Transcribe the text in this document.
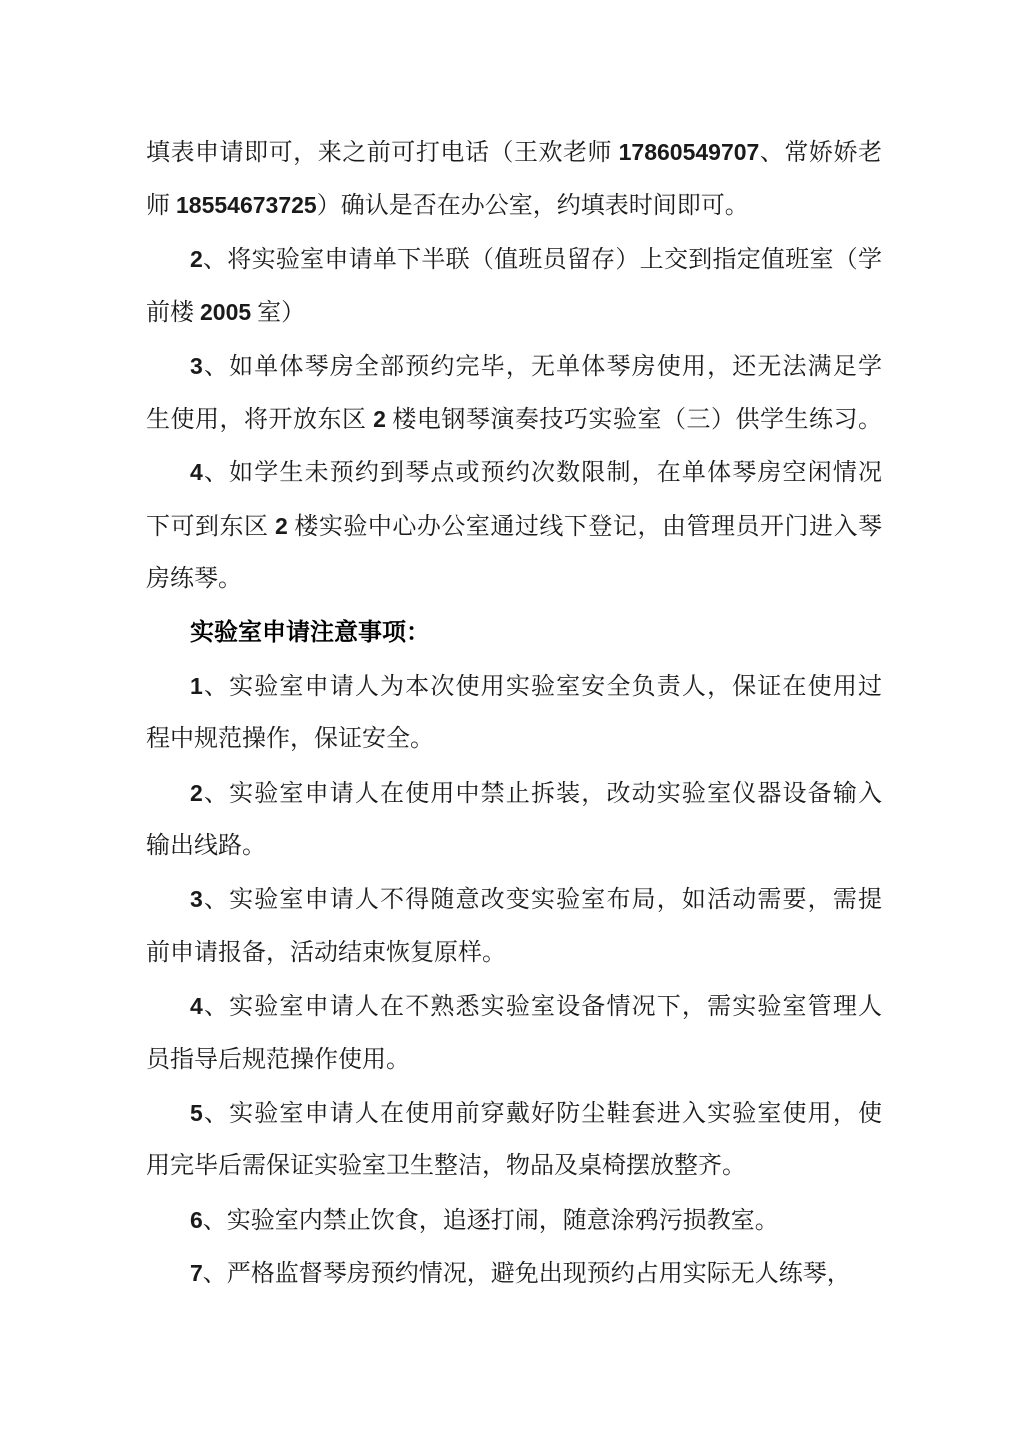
填表申请即可，来之前可打电话（王欢老师 17860549707、常娇娇老
师 18554673725）确认是否在办公室，约填表时间即可。
2、将实验室申请单下半联（值班员留存）上交到指定值班室（学
前楼 2005 室）
3、如单体琴房全部预约完毕，无单体琴房使用，还无法满足学
生使用，将开放东区 2 楼电钢琴演奏技巧实验室（三）供学生练习。
4、如学生未预约到琴点或预约次数限制，在单体琴房空闲情况
下可到东区 2 楼实验中心办公室通过线下登记，由管理员开门进入琴
房练琴。
实验室申请注意事项：
1、实验室申请人为本次使用实验室安全负责人，保证在使用过
程中规范操作，保证安全。
2、实验室申请人在使用中禁止拆装，改动实验室仪器设备输入
输出线路。
3、实验室申请人不得随意改变实验室布局，如活动需要，需提
前申请报备，活动结束恢复原样。
4、实验室申请人在不熟悉实验室设备情况下，需实验室管理人
员指导后规范操作使用。
5、实验室申请人在使用前穿戴好防尘鞋套进入实验室使用，使
用完毕后需保证实验室卫生整洁，物品及桌椅摆放整齐。
6、实验室内禁止饮食，追逐打闹，随意涂鸦污损教室。
7、严格监督琴房预约情况，避免出现预约占用实际无人练琴，
